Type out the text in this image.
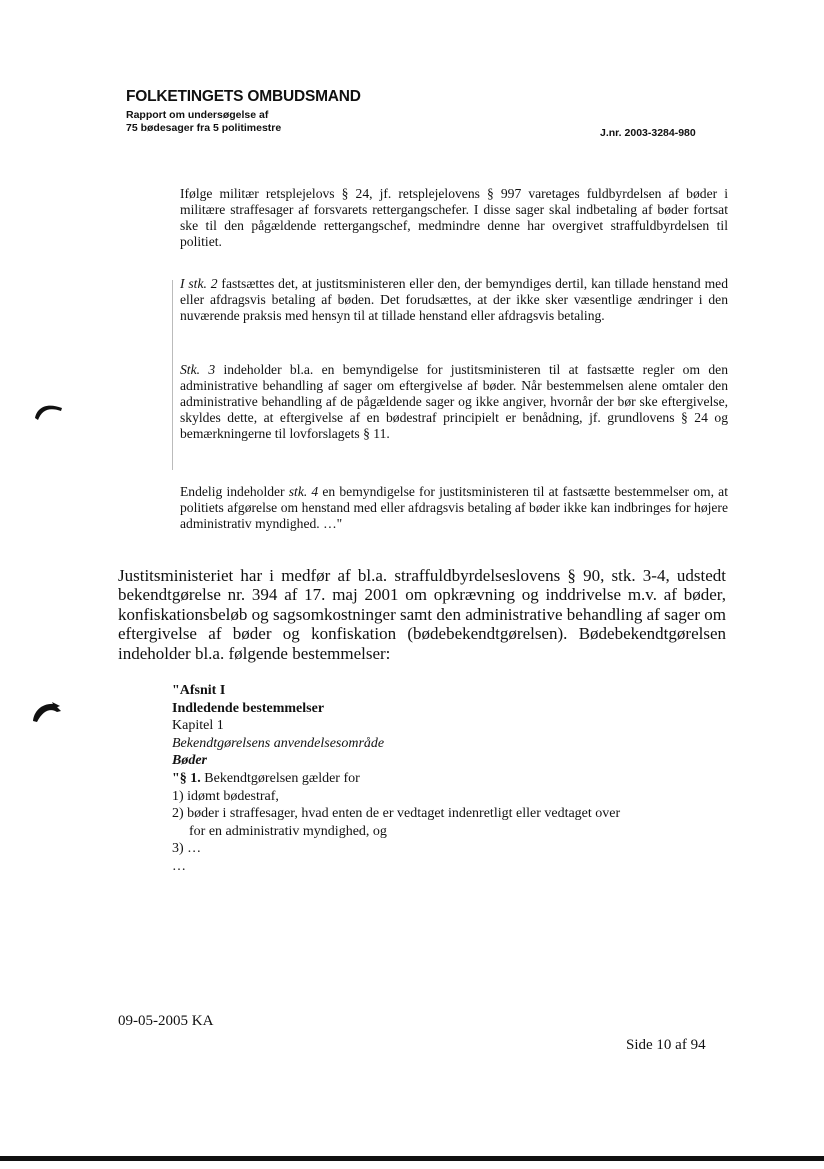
FOLKETINGETS OMBUDSMAND
Rapport om undersøgelse af
75 bødesager fra 5 politimestre	J.nr. 2003-3284-980

Ifølge militær retsplejelovs § 24, jf. retsplejelovens § 997 varetages fuldbyrdelsen af bøder i militære straffesager af forsvarets rettergangschefer. I disse sager skal indbetaling af bøder fortsat ske til den pågældende rettergangschef, medmindre denne har overgivet straffuldbyrdelsen til politiet.

I stk. 2 fastsættes det, at justitsministeren eller den, der bemyndiges dertil, kan tillade henstand med eller afdragsvis betaling af bøden. Det forudsættes, at der ikke sker væsentlige ændringer i den nuværende praksis med hensyn til at tillade henstand eller afdragsvis betaling.

Stk. 3 indeholder bl.a. en bemyndigelse for justitsministeren til at fastsætte regler om den administrative behandling af sager om eftergivelse af bøder. Når bestemmelsen alene omtaler den administrative behandling af de pågældende sager og ikke angiver, hvornår der bør ske eftergivelse, skyldes dette, at eftergivelse af en bødestraf principielt er benådning, jf. grundlovens § 24 og bemærkningerne til lovforslagets § 11.

Endelig indeholder stk. 4 en bemyndigelse for justitsministeren til at fastsætte bestemmelser om, at politiets afgørelse om henstand med eller afdragsvis betaling af bøder ikke kan indbringes for højere administrativ myndighed. …"

Justitsministeriet har i medfør af bl.a. straffuldbyrdelseslovens § 90, stk. 3-4, udstedt bekendtgørelse nr. 394 af 17. maj 2001 om opkrævning og inddrivelse m.v. af bøder, konfiskationsbeløb og sagsomkostninger samt den administrative behandling af sager om eftergivelse af bøder og konfiskation (bødebekendtgørelsen). Bødebekendtgørelsen indeholder bl.a. følgende bestemmelser:
"Afsnit I
Indledende bestemmelser
Kapitel 1
Bekendtgørelsens anvendelsesområde
Bøder
"§ 1. Bekendtgørelsen gælder for
1) idømt bødestraf,
2) bøder i straffesager, hvad enten de er vedtaget indenretligt eller vedtaget over
for en administrativ myndighed, og
3) …
…
09-05-2005 KA
Side 10 af 94
